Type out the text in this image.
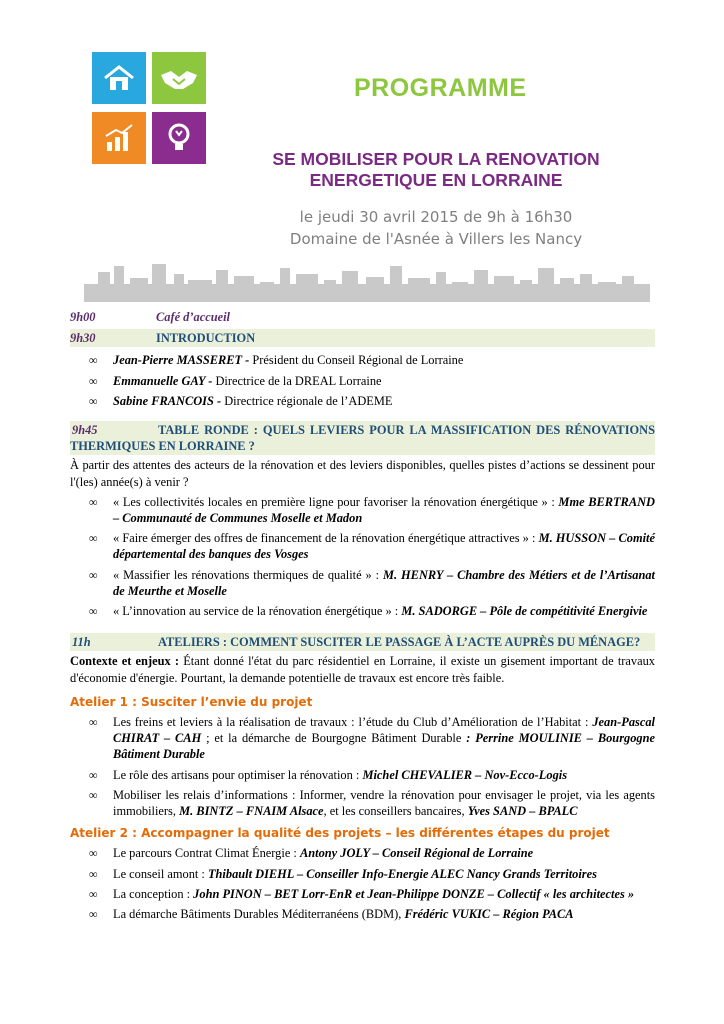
PROGRAMME
SE MOBILISER POUR LA RENOVATION
ENERGETIQUE EN LORRAINE
le jeudi 30 avril 2015 de 9h à 16h30
Domaine de l'Asnée à Villers les Nancy
9h00	Café d’accueil
9h30	INTRODUCTION
∞ Jean-Pierre MASSERET - Président du Conseil Régional de Lorraine
∞ Emmanuelle GAY - Directrice de la DREAL Lorraine
∞ Sabine FRANCOIS - Directrice régionale de l’ADEME
9h45	TABLE RONDE : QUELS LEVIERS POUR LA MASSIFICATION DES RÉNOVATIONS THERMIQUES EN LORRAINE ?
À partir des attentes des acteurs de la rénovation et des leviers disponibles, quelles pistes d’actions se dessinent pour l'(les) année(s) à venir ?
∞ « Les collectivités locales en première ligne pour favoriser la rénovation énergétique » : Mme BERTRAND – Communauté de Communes Moselle et Madon
∞ « Faire émerger des offres de financement de la rénovation énergétique attractives » : M. HUSSON – Comité départemental des banques des Vosges
∞ « Massifier les rénovations thermiques de qualité » : M. HENRY – Chambre des Métiers et de l’Artisanat de Meurthe et Moselle
∞ « L’innovation au service de la rénovation énergétique » : M. SADORGE – Pôle de compétitivité Energivie
11h	ATELIERS : COMMENT SUSCITER LE PASSAGE À L’ACTE AUPRÈS DU MÉNAGE?
Contexte et enjeux : Étant donné l'état du parc résidentiel en Lorraine, il existe un gisement important de travaux d'économie d'énergie. Pourtant, la demande potentielle de travaux est encore très faible.
Atelier 1 : Susciter l’envie du projet
∞ Les freins et leviers à la réalisation de travaux : l’étude du Club d’Amélioration de l’Habitat : Jean-Pascal CHIRAT – CAH ; et la démarche de Bourgogne Bâtiment Durable : Perrine MOULINIE – Bourgogne Bâtiment Durable
∞ Le rôle des artisans pour optimiser la rénovation : Michel CHEVALIER – Nov-Ecco-Logis
∞ Mobiliser les relais d’informations : Informer, vendre la rénovation pour envisager le projet, via les agents immobiliers, M. BINTZ – FNAIM Alsace, et les conseillers bancaires, Yves SAND – BPALC
Atelier 2 : Accompagner la qualité des projets – les différentes étapes du projet
∞ Le parcours Contrat Climat Énergie : Antony JOLY – Conseil Régional de Lorraine
∞ Le conseil amont : Thibault DIEHL – Conseiller Info-Energie ALEC Nancy Grands Territoires
∞ La conception : John PINON – BET Lorr-EnR et Jean-Philippe DONZE – Collectif « les architectes »
∞ La démarche Bâtiments Durables Méditerranéens (BDM), Frédéric VUKIC – Région PACA
